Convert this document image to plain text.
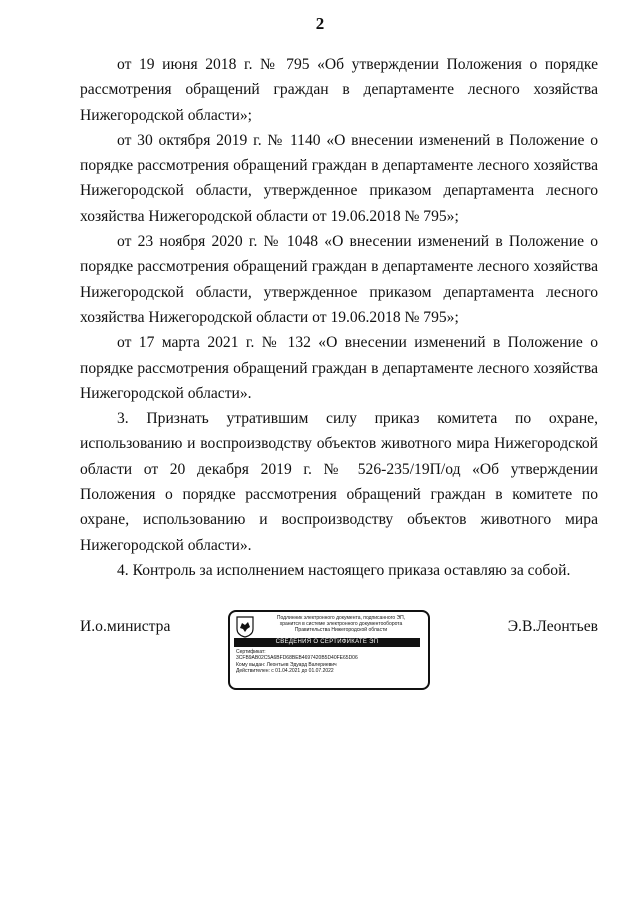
2

от 19 июня 2018 г. № 795 «Об утверждении Положения о порядке рассмотрения обращений граждан в департаменте лесного хозяйства Нижегородской области»;

от 30 октября 2019 г. № 1140 «О внесении изменений в Положение о порядке рассмотрения обращений граждан в департаменте лесного хозяйства Нижегородской области, утвержденное приказом департамента лесного хозяйства Нижегородской области от 19.06.2018 № 795»;

от 23 ноября 2020 г. № 1048 «О внесении изменений в Положение о порядке рассмотрения обращений граждан в департаменте лесного хозяйства Нижегородской области, утвержденное приказом департамента лесного хозяйства Нижегородской области от 19.06.2018 № 795»;

от 17 марта 2021 г. № 132 «О внесении изменений в Положение о порядке рассмотрения обращений граждан в департаменте лесного хозяйства Нижегородской области».

3. Признать утратившим силу приказ комитета по охране, использованию и воспроизводству объектов животного мира Нижегородской области от 20 декабря 2019 г. № 526-235/19П/од «Об утверждении Положения о порядке рассмотрения обращений граждан в комитете по охране, использованию и воспроизводству объектов животного мира Нижегородской области».

4. Контроль за исполнением настоящего приказа оставляю за собой.

И.о.министра	Подлинник электронного документа, подписанного ЭП,
хранится в системе электронного документооборота
Правительства Нижегородской области
СВЕДЕНИЯ О СЕРТИФИКАТЕ ЭП
Сертификат:
3CFB9AB02C5A6BFD68BEB4697420B5D40FE65D06
Кому выдан: Леонтьев Эдуард Валериевич
Действителен: с 01.04.2021 до 01.07.2022
Э.В.Леонтьев
